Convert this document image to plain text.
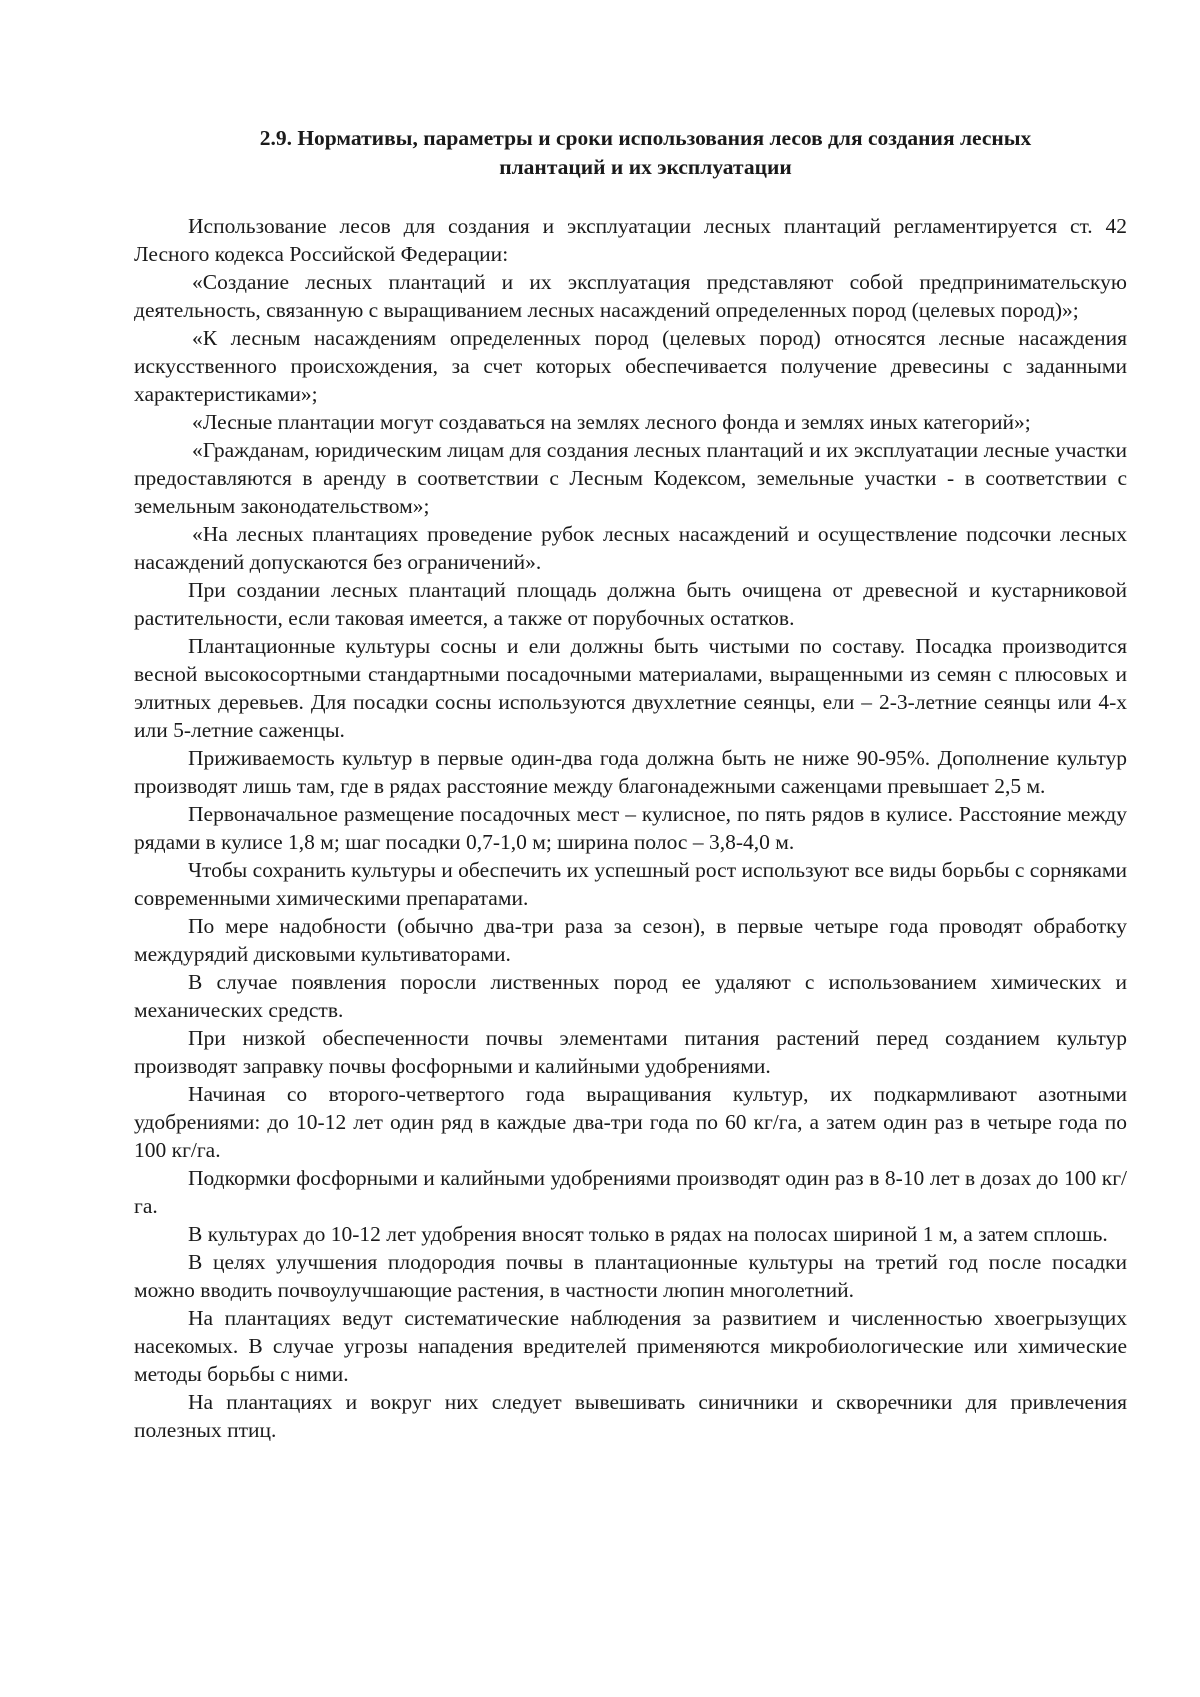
2.9. Нормативы, параметры и сроки использования лесов для создания лесных
плантаций и их эксплуатации

Использование лесов для создания и эксплуатации лесных плантаций регламентируется ст. 42 Лесного кодекса Российской Федерации:

«Создание лесных плантаций и их эксплуатация представляют собой предпринимательскую деятельность, связанную с выращиванием лесных насаждений определенных пород (целевых пород)»;

«К лесным насаждениям определенных пород (целевых пород) относятся лесные насаждения искусственного происхождения, за счет которых обеспечивается получение древесины с заданными характеристиками»;

«Лесные плантации могут создаваться на землях лесного фонда и землях иных категорий»;

«Гражданам, юридическим лицам для создания лесных плантаций и их эксплуатации лесные участки предоставляются в аренду в соответствии с Лесным Кодексом, земельные участки - в соответствии с земельным законодательством»;

«На лесных плантациях проведение рубок лесных насаждений и осуществление подсочки лесных насаждений допускаются без ограничений».

При создании лесных плантаций площадь должна быть очищена от древесной и кустарниковой растительности, если таковая имеется, а также от порубочных остатков.

Плантационные культуры сосны и ели должны быть чистыми по составу. Посадка производится весной высокосортными стандартными посадочными материалами, выращенными из семян с плюсовых и элитных деревьев. Для посадки сосны используются двухлетние сеянцы, ели – 2-3-летние сеянцы или 4-х или 5-летние саженцы.

Приживаемость культур в первые один-два года должна быть не ниже 90-95%. Дополнение культур производят лишь там, где в рядах расстояние между благонадежными саженцами превышает 2,5 м.

Первоначальное размещение посадочных мест – кулисное, по пять рядов в кулисе. Расстояние между рядами в кулисе 1,8 м; шаг посадки 0,7-1,0 м; ширина полос – 3,8-4,0 м.

Чтобы сохранить культуры и обеспечить их успешный рост используют все виды борьбы с сорняками современными химическими препаратами.

По мере надобности (обычно два-три раза за сезон), в первые четыре года проводят обработку междурядий дисковыми культиваторами.

В случае появления поросли лиственных пород ее удаляют с использованием химических и механических средств.

При низкой обеспеченности почвы элементами питания растений перед созданием культур производят заправку почвы фосфорными и калийными удобрениями.

Начиная со второго-четвертого года выращивания культур, их подкармливают азотными удобрениями: до 10-12 лет один ряд в каждые два-три года по 60 кг/га, а затем один раз в четыре года по 100 кг/га.

Подкормки фосфорными и калийными удобрениями производят один раз в 8-10 лет в дозах до 100 кг/га.

В культурах до 10-12 лет удобрения вносят только в рядах на полосах шириной 1 м, а затем сплошь.

В целях улучшения плодородия почвы в плантационные культуры на третий год после посадки можно вводить почвоулучшающие растения, в частности люпин многолетний.

На плантациях ведут систематические наблюдения за развитием и численностью хвоегрызущих насекомых. В случае угрозы нападения вредителей применяются микробиологические или химические методы борьбы с ними.

На плантациях и вокруг них следует вывешивать синичники и скворечники для привлечения полезных птиц.
